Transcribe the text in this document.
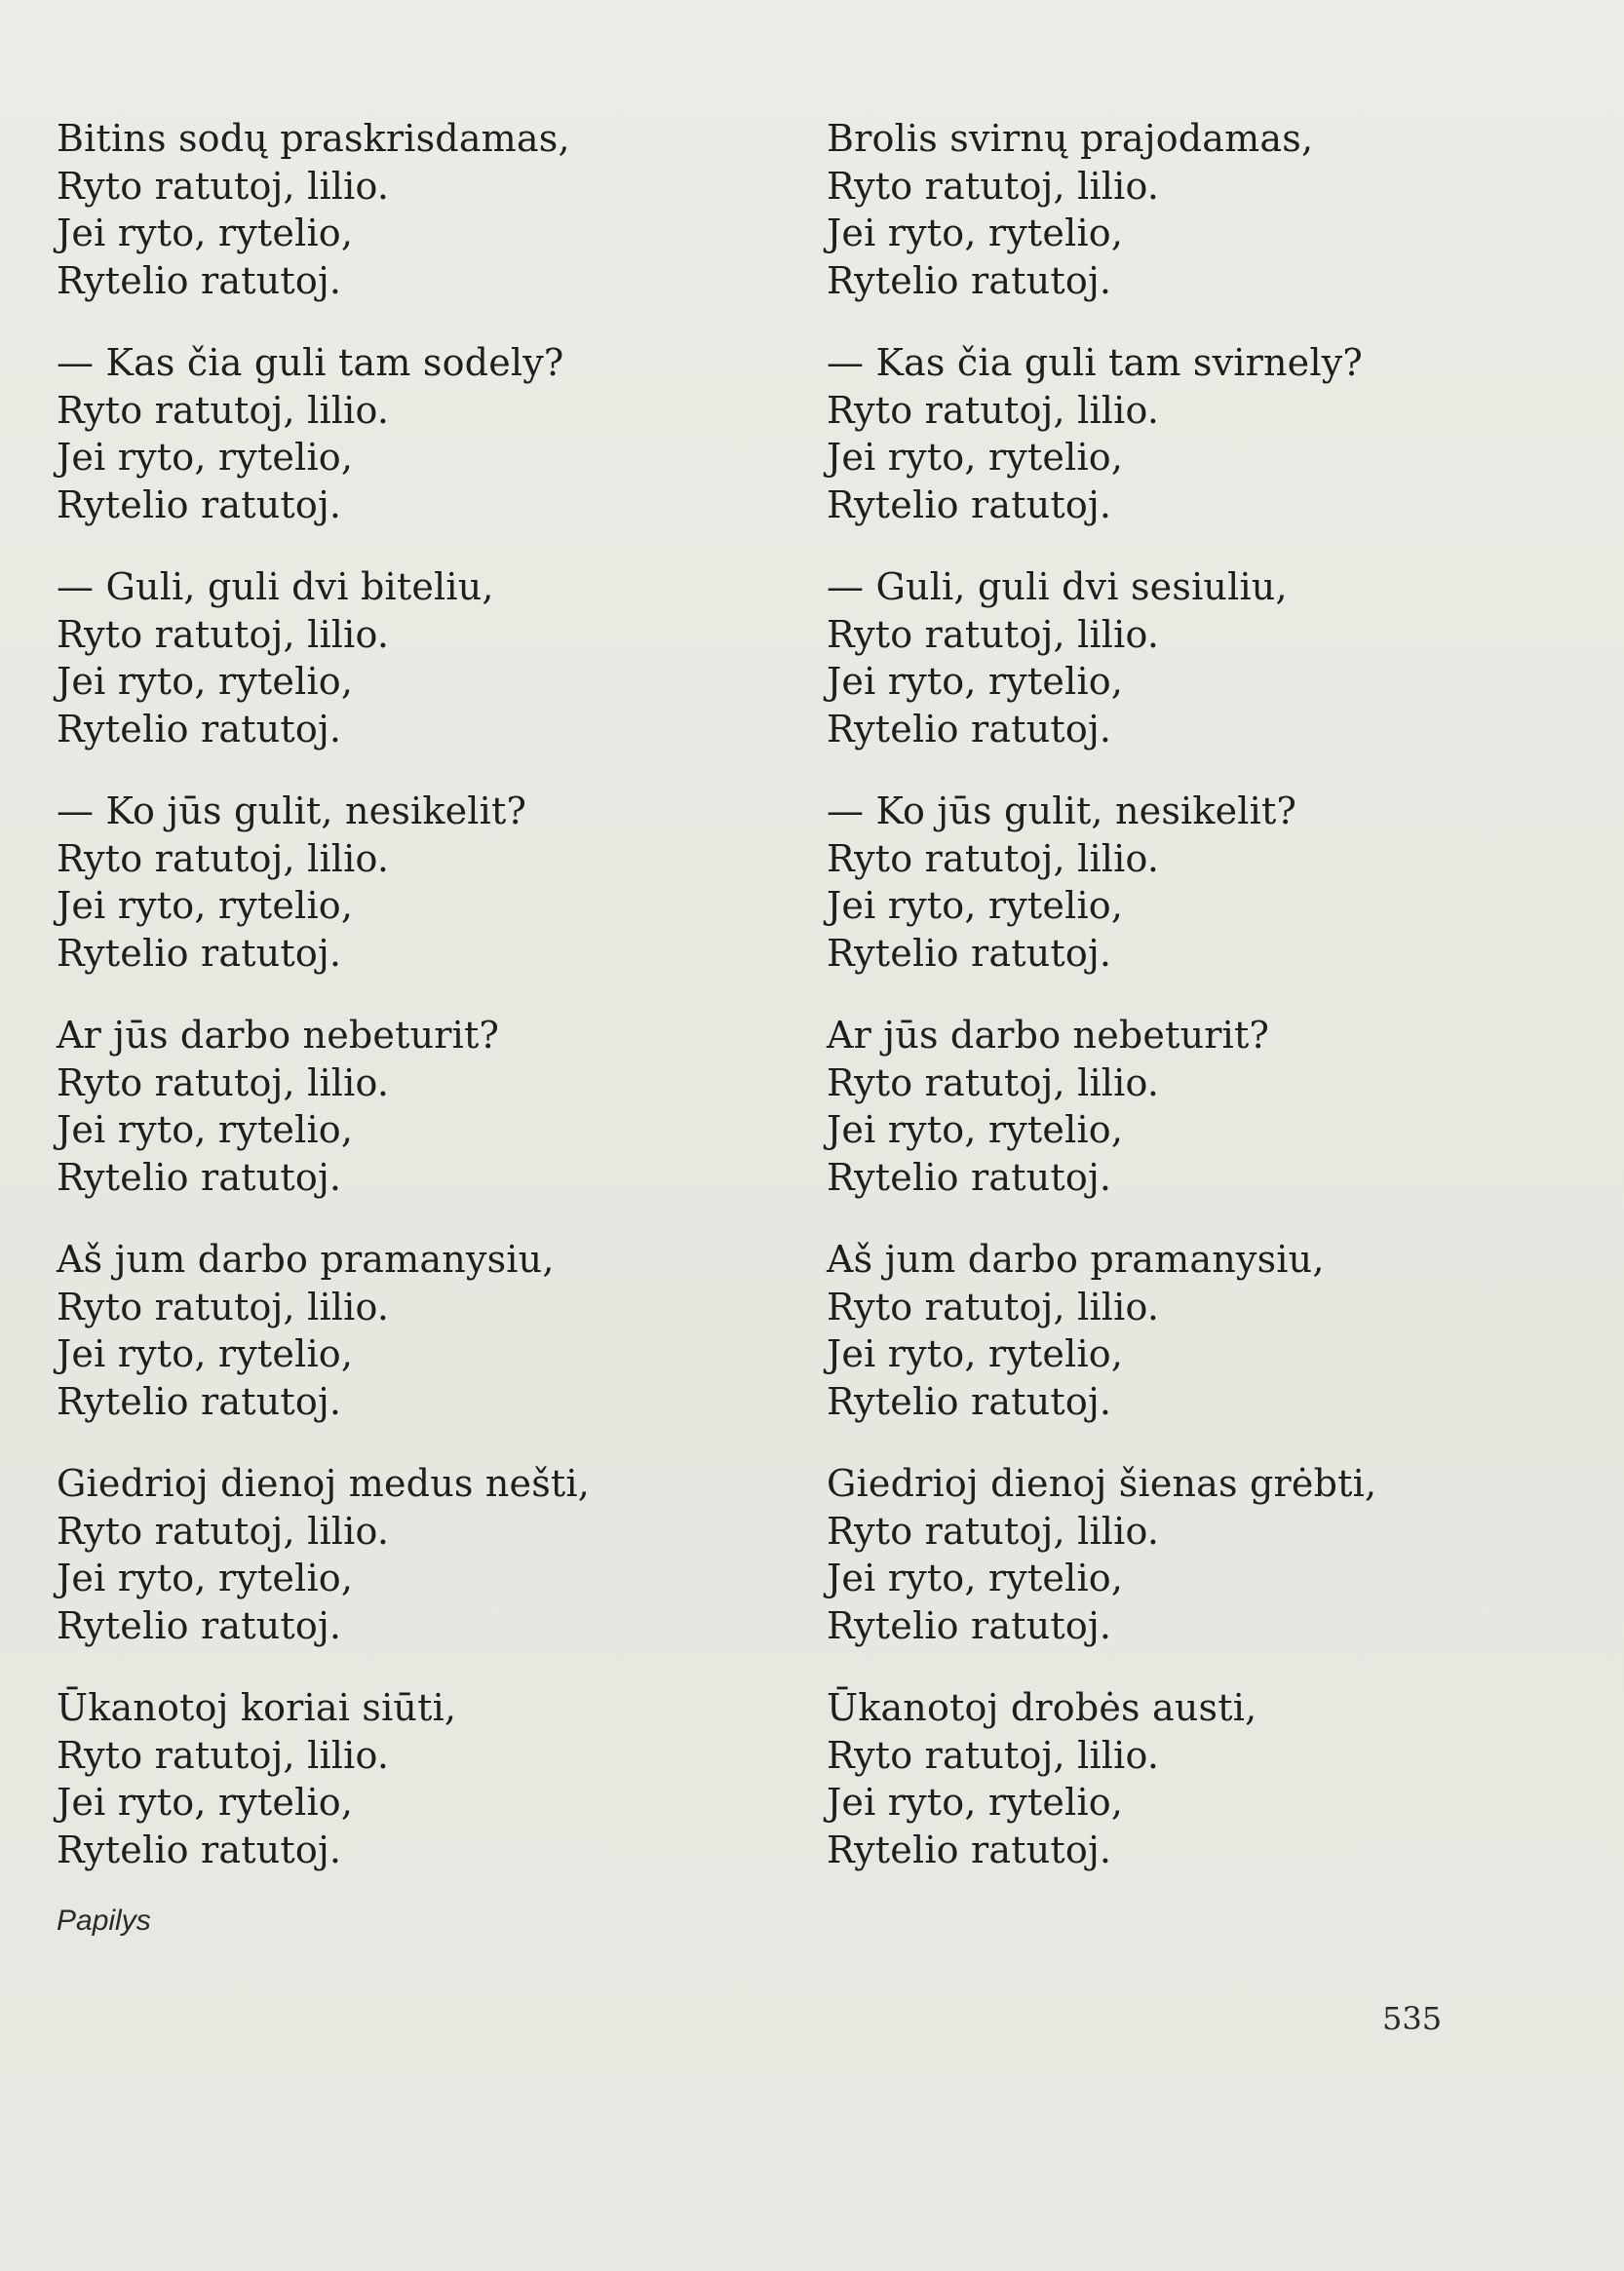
Bitins sodų praskrisdamas,
Ryto ratutoj, lilio.
Jei ryto, rytelio,
Rytelio ratutoj.
— Kas čia guli tam sodely?
Ryto ratutoj, lilio.
Jei ryto, rytelio,
Rytelio ratutoj.
— Guli, guli dvi biteliu,
Ryto ratutoj, lilio.
Jei ryto, rytelio,
Rytelio ratutoj.
— Ko jūs gulit, nesikelit?
Ryto ratutoj, lilio.
Jei ryto, rytelio,
Rytelio ratutoj.
Ar jūs darbo nebeturit?
Ryto ratutoj, lilio.
Jei ryto, rytelio,
Rytelio ratutoj.
Aš jum darbo pramanysiu,
Ryto ratutoj, lilio.
Jei ryto, rytelio,
Rytelio ratutoj.
Giedrioj dienoj medus nešti,
Ryto ratutoj, lilio.
Jei ryto, rytelio,
Rytelio ratutoj.
Ūkanotoj koriai siūti,
Ryto ratutoj, lilio.
Jei ryto, rytelio,
Rytelio ratutoj.
Brolis svirnų prajodamas,
Ryto ratutoj, lilio.
Jei ryto, rytelio,
Rytelio ratutoj.
— Kas čia guli tam svirnely?
Ryto ratutoj, lilio.
Jei ryto, rytelio,
Rytelio ratutoj.
— Guli, guli dvi sesiuliu,
Ryto ratutoj, lilio.
Jei ryto, rytelio,
Rytelio ratutoj.
— Ko jūs gulit, nesikelit?
Ryto ratutoj, lilio.
Jei ryto, rytelio,
Rytelio ratutoj.
Ar jūs darbo nebeturit?
Ryto ratutoj, lilio.
Jei ryto, rytelio,
Rytelio ratutoj.
Aš jum darbo pramanysiu,
Ryto ratutoj, lilio.
Jei ryto, rytelio,
Rytelio ratutoj.
Giedrioj dienoj šienas grėbti,
Ryto ratutoj, lilio.
Jei ryto, rytelio,
Rytelio ratutoj.
Ūkanotoj drobės austi,
Ryto ratutoj, lilio.
Jei ryto, rytelio,
Rytelio ratutoj.
Papilys
535
